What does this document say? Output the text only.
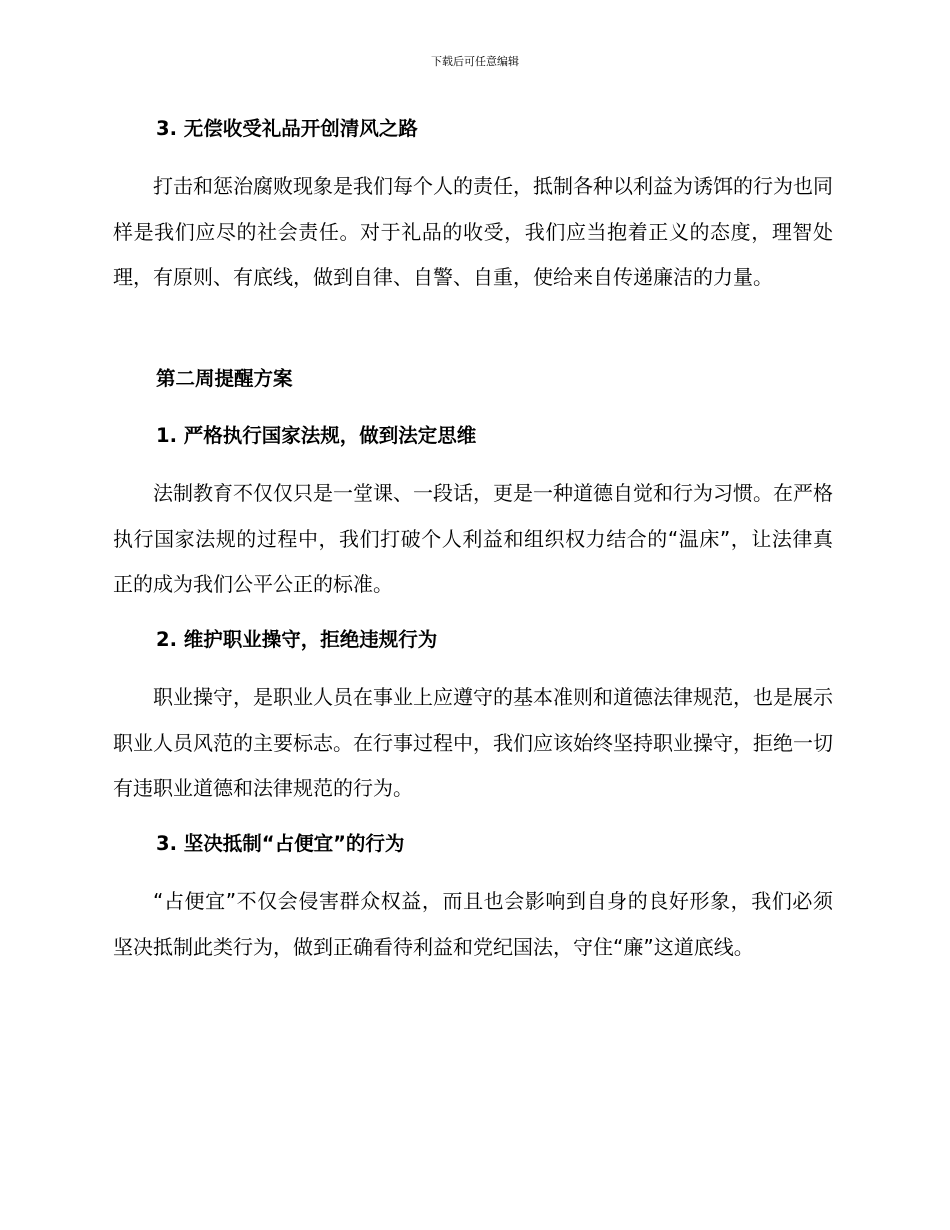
下载后可任意编辑
3. 无偿收受礼品开创清风之路

打击和惩治腐败现象是我们每个人的责任，抵制各种以利益为诱饵的行为也同样是我们应尽的社会责任。对于礼品的收受，我们应当抱着正义的态度，理智处理，有原则、有底线，做到自律、自警、自重，使给来自传递廉洁的力量。

第二周提醒方案
1. 严格执行国家法规，做到法定思维

法制教育不仅仅只是一堂课、一段话，更是一种道德自觉和行为习惯。在严格执行国家法规的过程中，我们打破个人利益和组织权力结合的“温床”，让法律真正的成为我们公平公正的标准。

2. 维护职业操守，拒绝违规行为

职业操守，是职业人员在事业上应遵守的基本准则和道德法律规范，也是展示职业人员风范的主要标志。在行事过程中，我们应该始终坚持职业操守，拒绝一切有违职业道德和法律规范的行为。

3. 坚决抵制“占便宜”的行为

“占便宜”不仅会侵害群众权益，而且也会影响到自身的良好形象，我们必须坚决抵制此类行为，做到正确看待利益和党纪国法，守住“廉”这道底线。
